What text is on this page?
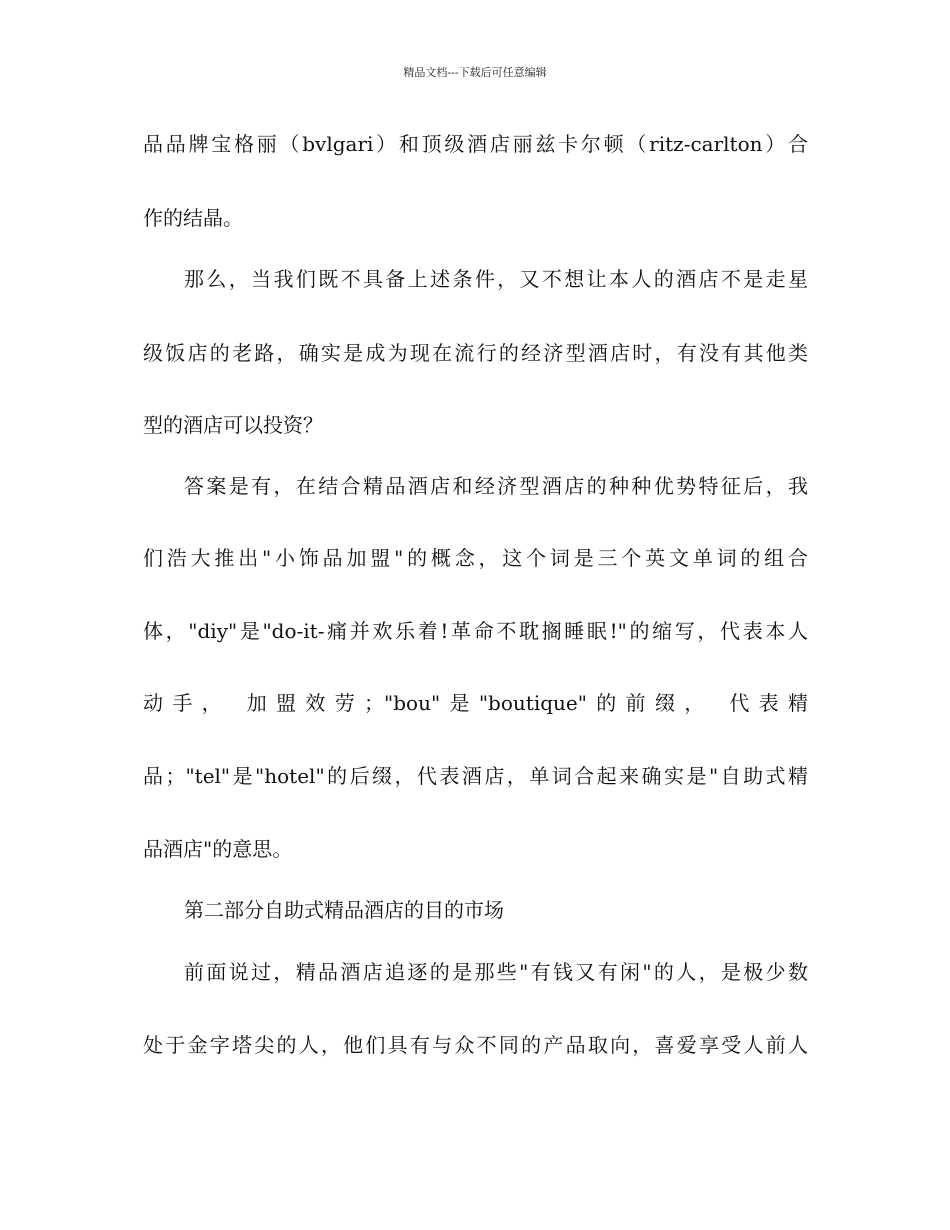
精品文档---下载后可任意编辑
品品牌宝格丽（bvlgari）和顶级酒店丽兹卡尔顿（ritz-carlton）合
作的结晶。
那么，当我们既不具备上述条件，又不想让本人的酒店不是走星
级饭店的老路，确实是成为现在流行的经济型酒店时，有没有其他类
型的酒店可以投资？
答案是有，在结合精品酒店和经济型酒店的种种优势特征后，我
们浩大推出"小饰品加盟"的概念，这个词是三个英文单词的组合
体，"diy"是"do-it-痛并欢乐着!革命不耽搁睡眠!"的缩写，代表本人
动手， 加盟效劳；"bou"是"boutique"的前缀， 代表精
品；"tel"是"hotel"的后缀，代表酒店，单词合起来确实是"自助式精
品酒店"的意思。
第二部分自助式精品酒店的目的市场
前面说过，精品酒店追逐的是那些"有钱又有闲"的人，是极少数
处于金字塔尖的人，他们具有与众不同的产品取向，喜爱享受人前人
